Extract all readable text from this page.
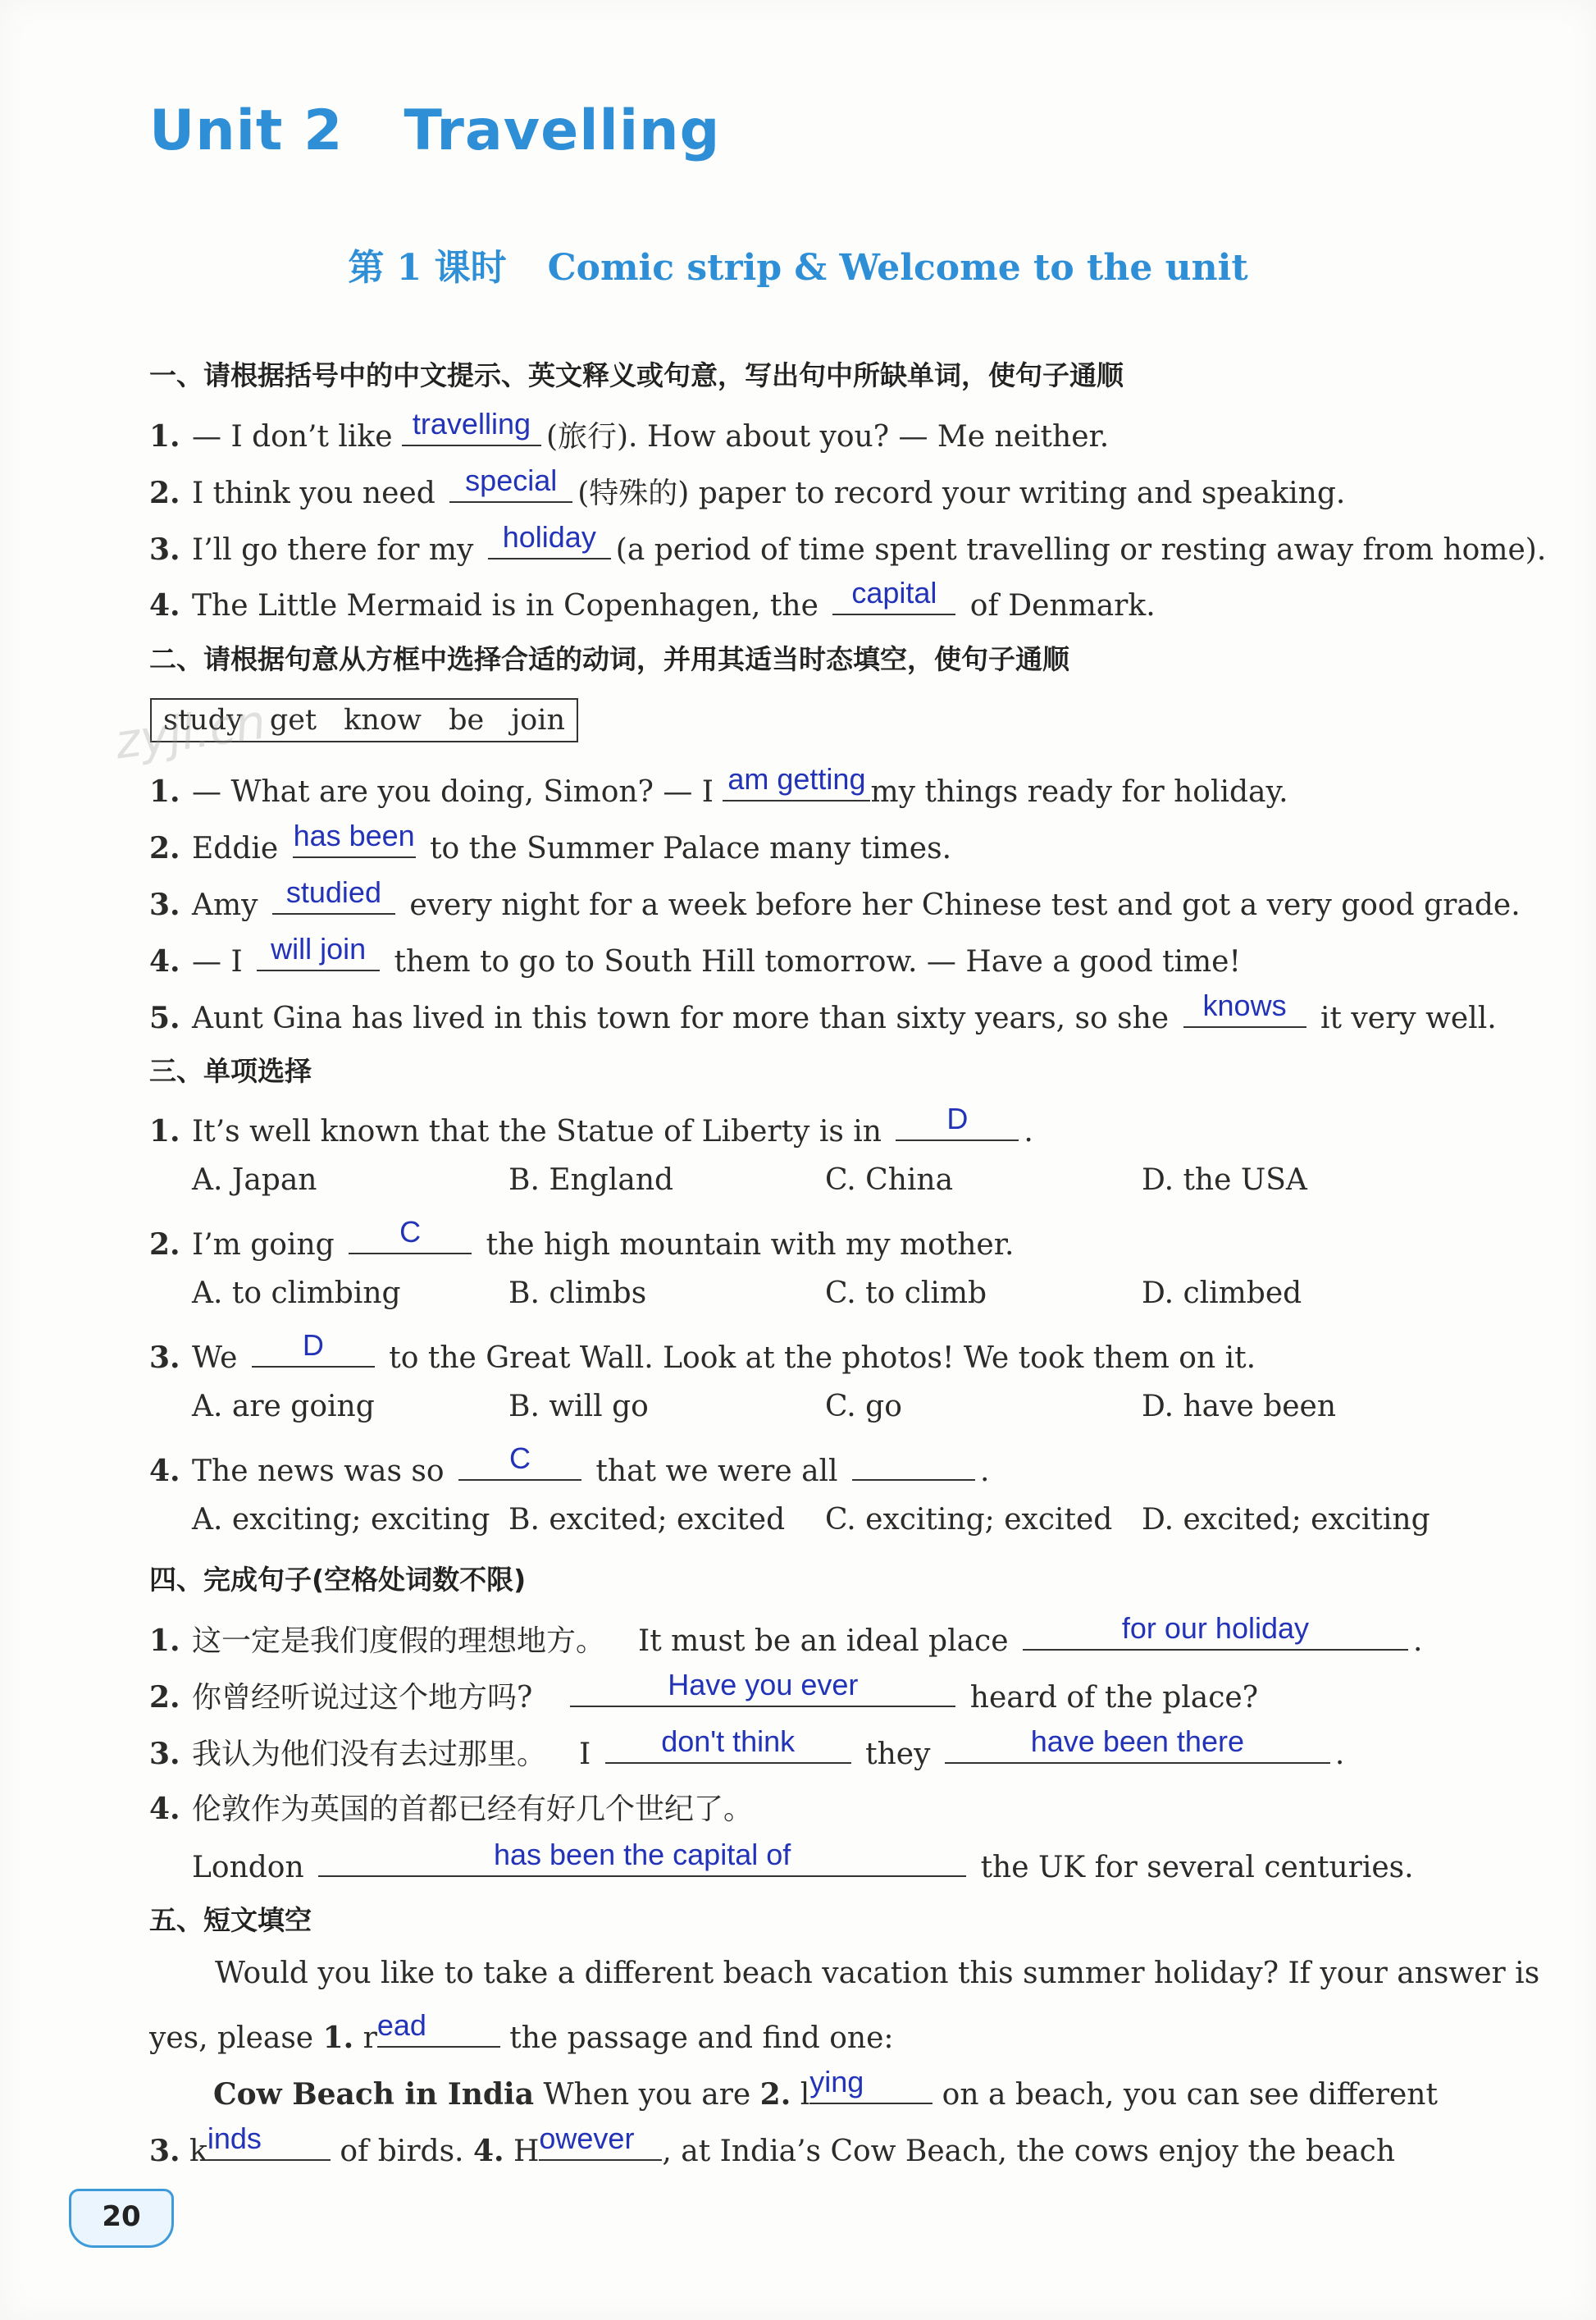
Unit 2   Travelling
第 1 课时 Comic strip & Welcome to the unit
一、请根据括号中的中文提示、英文释义或句意，写出句中所缺单词，使句子通顺
1. — I don’t like travelling (旅行). How about you? — Me neither.
2. I think you need special (特殊的) paper to record your writing and speaking.
3. I’ll go there for my holiday (a period of time spent travelling or resting away from home).
4. The Little Mermaid is in Copenhagen, the capital of Denmark.
二、请根据句意从方框中选择合适的动词，并用其适当时态填空，使句子通顺
study get know be join
zyjl.cn
1. — What are you doing, Simon? — I am getting my things ready for holiday.
2. Eddie has been to the Summer Palace many times.
3. Amy studied every night for a week before her Chinese test and got a very good grade.
4. — I will join them to go to South Hill tomorrow. — Have a good time!
5. Aunt Gina has lived in this town for more than sixty years, so she knows it very well.
三、单项选择
1. It’s well known that the Statue of Liberty is in	D	.
A. Japan	B. England	C. China	D. the USA
2. I’m going	C	the high mountain with my mother.
A. to climbing	B. climbs	C. to climb	D. climbed
3. We	D	to the Great Wall. Look at the photos! We took them on it.
A. are going	B. will go	C. go	D. have been
4. The news was so	C	that we were all	.
A. exciting; exciting B. excited; excited C. exciting; excited D. excited; exciting
四、完成句子(空格处词数不限)
1. 这一定是我们度假的理想地方。 It must be an ideal place	for our holiday	.
2. 你曾经听说过这个地方吗?	Have you ever	heard of the place?
3. 我认为他们没有去过那里。 I	don't think	they	have been there	.
4. 伦敦作为英国的首都已经有好几个世纪了。
London	has been the capital of	the UK for several centuries.
五、短文填空
Would you like to take a different beach vacation this summer holiday? If your answer is
yes, please 1. r ead	the passage and find one:
Cow Beach in India When you are 2. l ying	on a beach, you can see different
3. k inds	of birds. 4. H owever , at India’s Cow Beach, the cows enjoy the beach
20
